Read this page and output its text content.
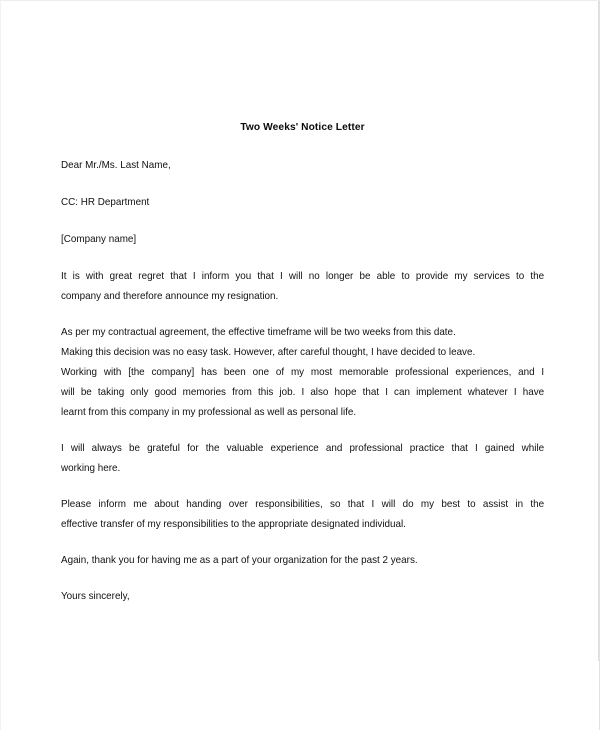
Two Weeks' Notice Letter
Dear Mr./Ms. Last Name,
CC: HR Department
[Company name]
It is with great regret that I inform you that I will no longer be able to provide my services to the
company and therefore announce my resignation.
As per my contractual agreement, the effective timeframe will be two weeks from this date.
Making this decision was no easy task. However, after careful thought, I have decided to leave.
Working with [the company] has been one of my most memorable professional experiences, and I
will be taking only good memories from this job. I also hope that I can implement whatever I have
learnt from this company in my professional as well as personal life.
I will always be grateful for the valuable experience and professional practice that I gained while
working here.
Please inform me about handing over responsibilities, so that I will do my best to assist in the
effective transfer of my responsibilities to the appropriate designated individual.
Again, thank you for having me as a part of your organization for the past 2 years.
Yours sincerely,
